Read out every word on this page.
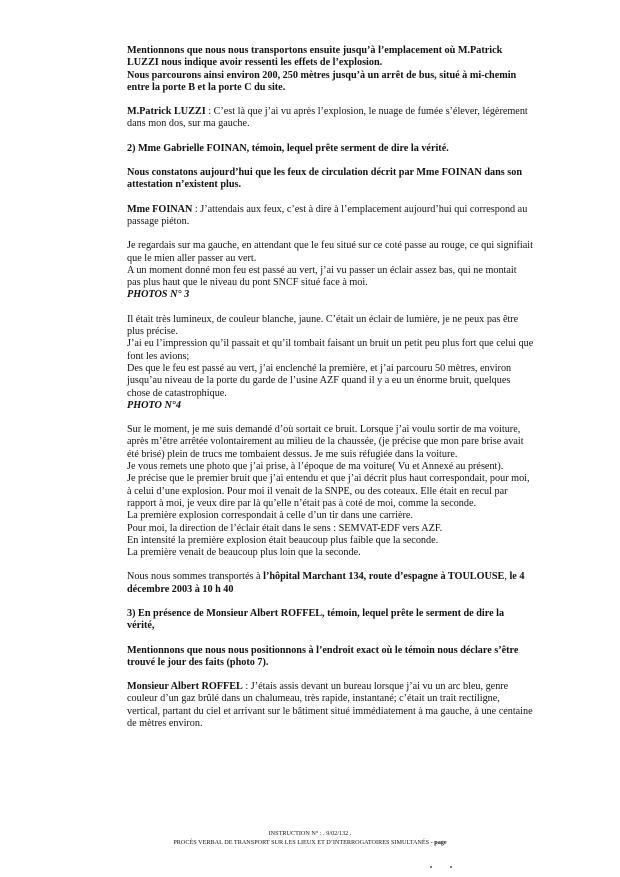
Mentionnons que nous nous transportons ensuite jusqu’à l’emplacement où M.Patrick
LUZZI nous indique avoir ressenti les effets de l’explosion.
Nous parcourons ainsi environ 200, 250 mètres jusqu’à un arrêt de bus, situé à mi-chemin
entre la porte B et la porte C du site.
M.Patrick LUZZI : C’est là que j’ai vu après l’explosion, le nuage de fumée s’élever, légèrement
dans mon dos, sur ma gauche.
2) Mme Gabrielle FOINAN, témoin, lequel prête serment de dire la vérité.
Nous constatons aujourd’hui que les feux de circulation décrit par Mme FOINAN dans son
attestation n’existent plus.
Mme FOINAN : J’attendais aux feux, c’est à dire à l’emplacement aujourd’hui qui correspond au
passage piéton.
Je regardais sur ma gauche, en attendant que le feu situé sur ce coté passe au rouge, ce qui signifiait
que le mien aller passer au vert.
A un moment donné mon feu est passé au vert, j’ai vu passer un éclair assez bas, qui ne montait
pas plus haut que le niveau du pont SNCF situé face à moi.
PHOTOS N° 3
Il était très lumineux, de couleur blanche, jaune. C’était un éclair de lumière, je ne peux pas être
plus précise.
J’ai eu l’impression qu’il passait et qu’il tombait faisant un bruit un petit peu plus fort que celui que
font les avions;
Des que le feu est passé au vert, j’ai enclenché la première, et j’ai parcouru 50 mètres, environ
jusqu’au niveau de la porte du garde de l’usine AZF quand il y a eu un énorme bruit, quelques
chose de catastrophique.
PHOTO N°4
Sur le moment, je me suis demandé d’où sortait ce bruit. Lorsque j’ai voulu sortir de ma voiture,
après m’être arrêtée volontairement au milieu de la chaussée, (je précise que mon pare brise avait
été brisé) plein de trucs me tombaient dessus. Je me suis réfugiée dans la voiture.
Je vous remets une photo que j’ai prise, à l’époque de ma voiture( Vu et Annexé au présent).
Je précise que le premier bruit que j’ai entendu et que j’ai décrit plus haut correspondait, pour moi,
à celui d’une explosion. Pour moi il venait de la SNPE, ou des coteaux. Elle était en recul par
rapport à moi, je veux dire par là qu’elle n’était pas à coté de moi, comme la seconde.
La première explosion correspondait à celle d’un tir dans une carrière.
Pour moi, la direction de l’éclair était dans le sens : SEMVAT-EDF vers AZF.
En intensité la première explosion était beaucoup plus faible que la seconde.
La première venait de beaucoup plus loin que la seconde.
Nous nous sommes transportés à l’hôpital Marchant 134, route d’espagne à TOULOUSE, le 4
décembre 2003 à 10 h 40
3) En présence de Monsieur Albert ROFFEL, témoin, lequel prête le serment de dire la
vérité,
Mentionnons que nous nous positionnons à l’endroit exact où le témoin nous déclare s’être
trouvé le jour des faits (photo 7).
Monsieur Albert ROFFEL : J’étais assis devant un bureau lorsque j’ai vu un arc bleu, genre
couleur d’un gaz brûlé dans un chalumeau, très rapide, instantané; c’était un trait rectiligne,
vertical, partant du ciel et arrivant sur le bâtiment situé immédiatement à ma gauche, à une centaine
de mètres environ.
INSTRUCTION N° : . 9/02/132 .
PROCÈS VERBAL DE TRANSPORT SUR LES LIEUX ET D’INTERROGATOIRES SIMULTANÉS - page
